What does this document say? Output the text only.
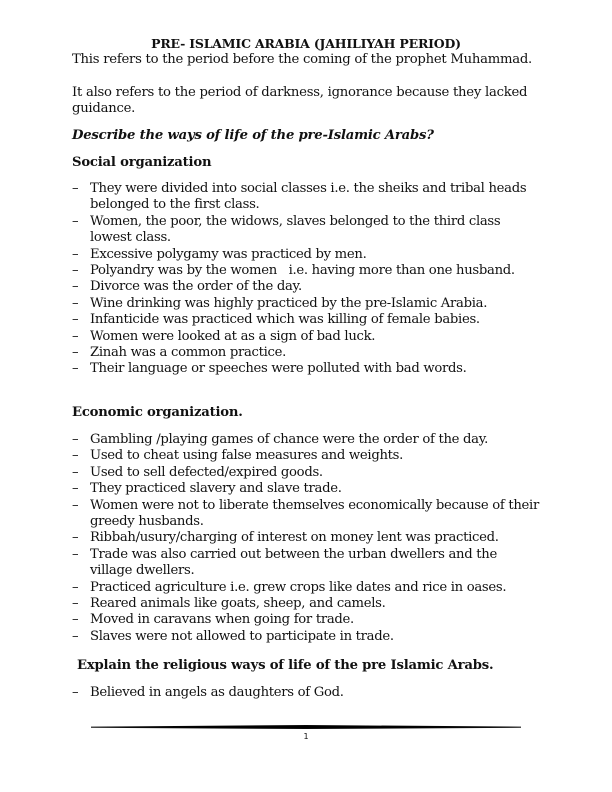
PRE- ISLAMIC ARABIA (JAHILIYAH PERIOD)
This refers to the period before the coming of the prophet Muhammad.
It also refers to the period of darkness, ignorance because they lacked guidance.
Describe the ways of life of the pre-Islamic Arabs?
Social organization
– They were divided into social classes i.e. the sheiks and tribal heads belonged to the first class.
– Women, the poor, the widows, slaves belonged to the third class lowest class.
– Excessive polygamy was practiced by men.
– Polyandry was by the women   i.e. having more than one husband.
– Divorce was the order of the day.
– Wine drinking was highly practiced by the pre-Islamic Arabia.
– Infanticide was practiced which was killing of female babies.
– Women were looked at as a sign of bad luck.
– Zinah was a common practice.
– Their language or speeches were polluted with bad words.
Economic organization.
– Gambling /playing games of chance were the order of the day.
– Used to cheat using false measures and weights.
– Used to sell defected/expired goods.
– They practiced slavery and slave trade.
– Women were not to liberate themselves economically because of their greedy husbands.
– Ribbah/usury/charging of interest on money lent was practiced.
– Trade was also carried out between the urban dwellers and the village dwellers.
– Practiced agriculture i.e. grew crops like dates and rice in oases.
– Reared animals like goats, sheep, and camels.
– Moved in caravans when going for trade.
– Slaves were not allowed to participate in trade.
Explain the religious ways of life of the pre Islamic Arabs.
– Believed in angels as daughters of God.
1
